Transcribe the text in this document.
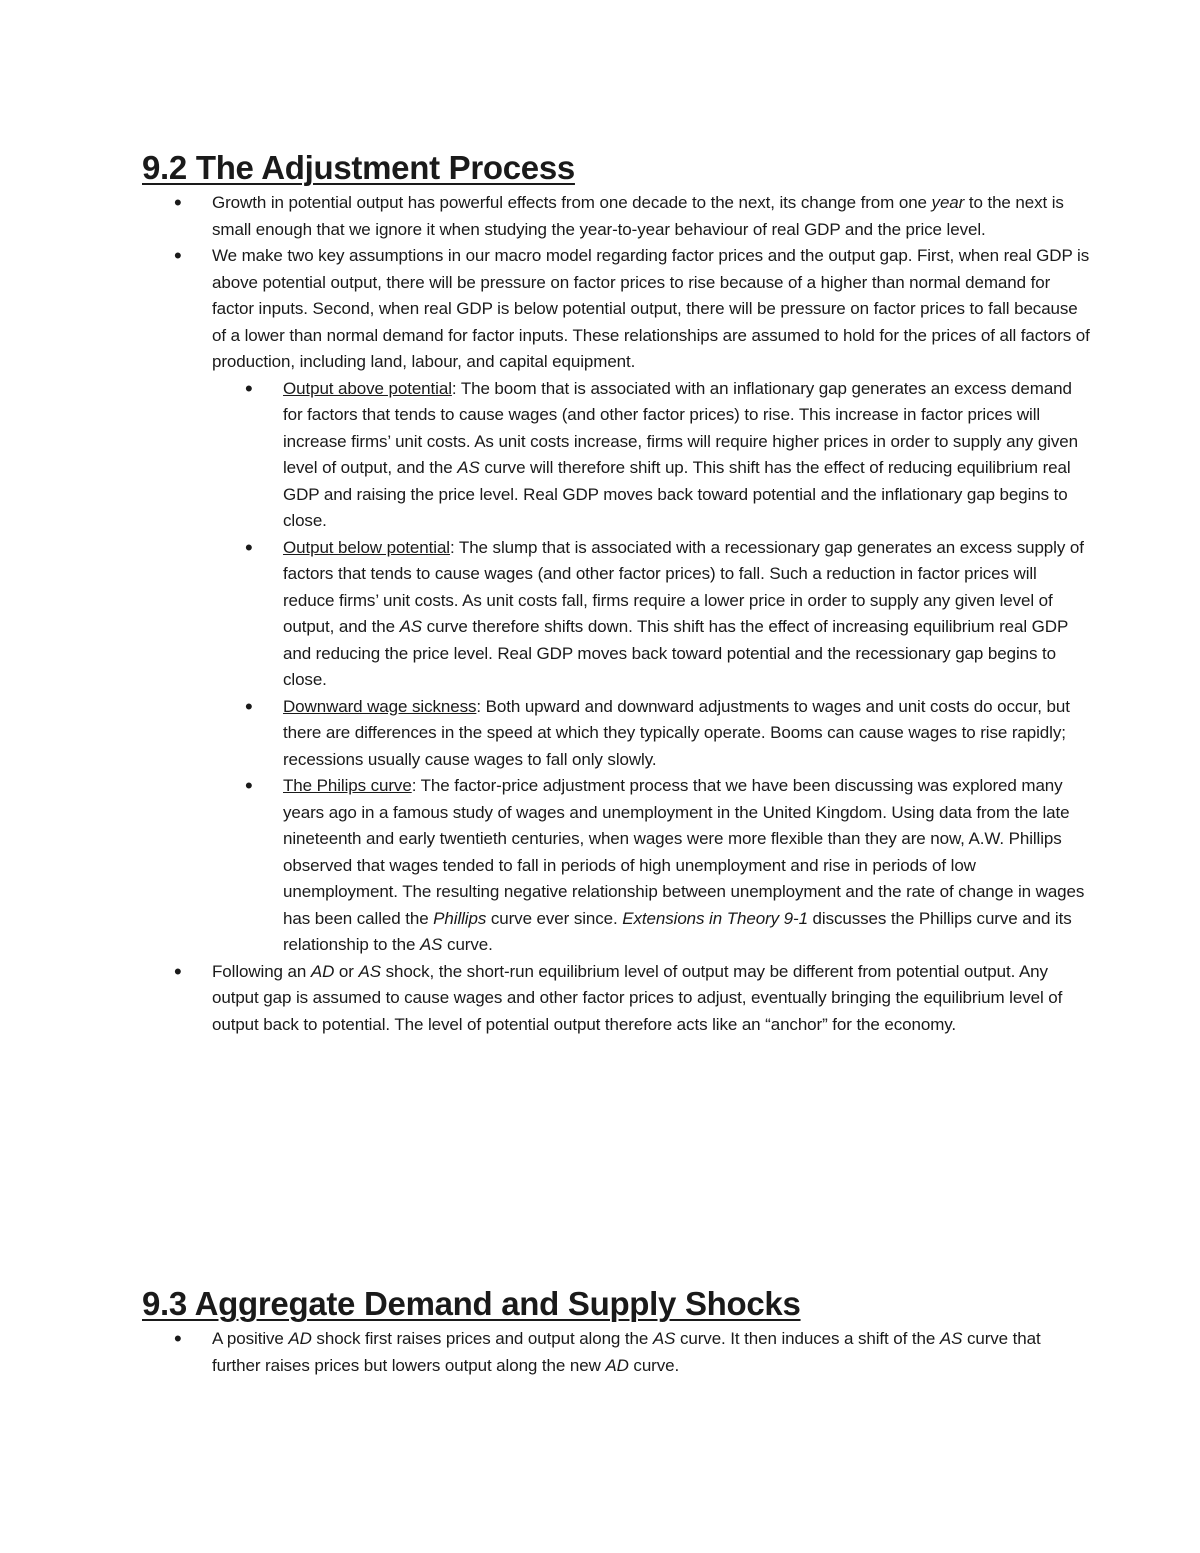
9.2 The Adjustment Process
• Growth in potential output has powerful effects from one decade to the next, its change from one year to the next is small enough that we ignore it when studying the year-to-year behaviour of real GDP and the price level.
• We make two key assumptions in our macro model regarding factor prices and the output gap. First, when real GDP is above potential output, there will be pressure on factor prices to rise because of a higher than normal demand for factor inputs. Second, when real GDP is below potential output, there will be pressure on factor prices to fall because of a lower than normal demand for factor inputs. These relationships are assumed to hold for the prices of all factors of production, including land, labour, and capital equipment.
• Output above potential: The boom that is associated with an inflationary gap generates an excess demand for factors that tends to cause wages (and other factor prices) to rise. This increase in factor prices will increase firms’ unit costs. As unit costs increase, firms will require higher prices in order to supply any given level of output, and the AS curve will therefore shift up. This shift has the effect of reducing equilibrium real GDP and raising the price level. Real GDP moves back toward potential and the inflationary gap begins to close.
• Output below potential: The slump that is associated with a recessionary gap generates an excess supply of factors that tends to cause wages (and other factor prices) to fall. Such a reduction in factor prices will reduce firms’ unit costs. As unit costs fall, firms require a lower price in order to supply any given level of output, and the AS curve therefore shifts down. This shift has the effect of increasing equilibrium real GDP and reducing the price level. Real GDP moves back toward potential and the recessionary gap begins to close.
• Downward wage sickness: Both upward and downward adjustments to wages and unit costs do occur, but there are differences in the speed at which they typically operate. Booms can cause wages to rise rapidly; recessions usually cause wages to fall only slowly.
• The Philips curve: The factor-price adjustment process that we have been discussing was explored many years ago in a famous study of wages and unemployment in the United Kingdom. Using data from the late nineteenth and early twentieth centuries, when wages were more flexible than they are now, A.W. Phillips observed that wages tended to fall in periods of high unemployment and rise in periods of low unemployment. The resulting negative relationship between unemployment and the rate of change in wages has been called the Phillips curve ever since. Extensions in Theory 9-1 discusses the Phillips curve and its relationship to the AS curve.
• Following an AD or AS shock, the short-run equilibrium level of output may be different from potential output. Any output gap is assumed to cause wages and other factor prices to adjust, eventually bringing the equilibrium level of output back to potential. The level of potential output therefore acts like an “anchor” for the economy.
9.3 Aggregate Demand and Supply Shocks
• A positive AD shock first raises prices and output along the AS curve. It then induces a shift of the AS curve that further raises prices but lowers output along the new AD curve.
